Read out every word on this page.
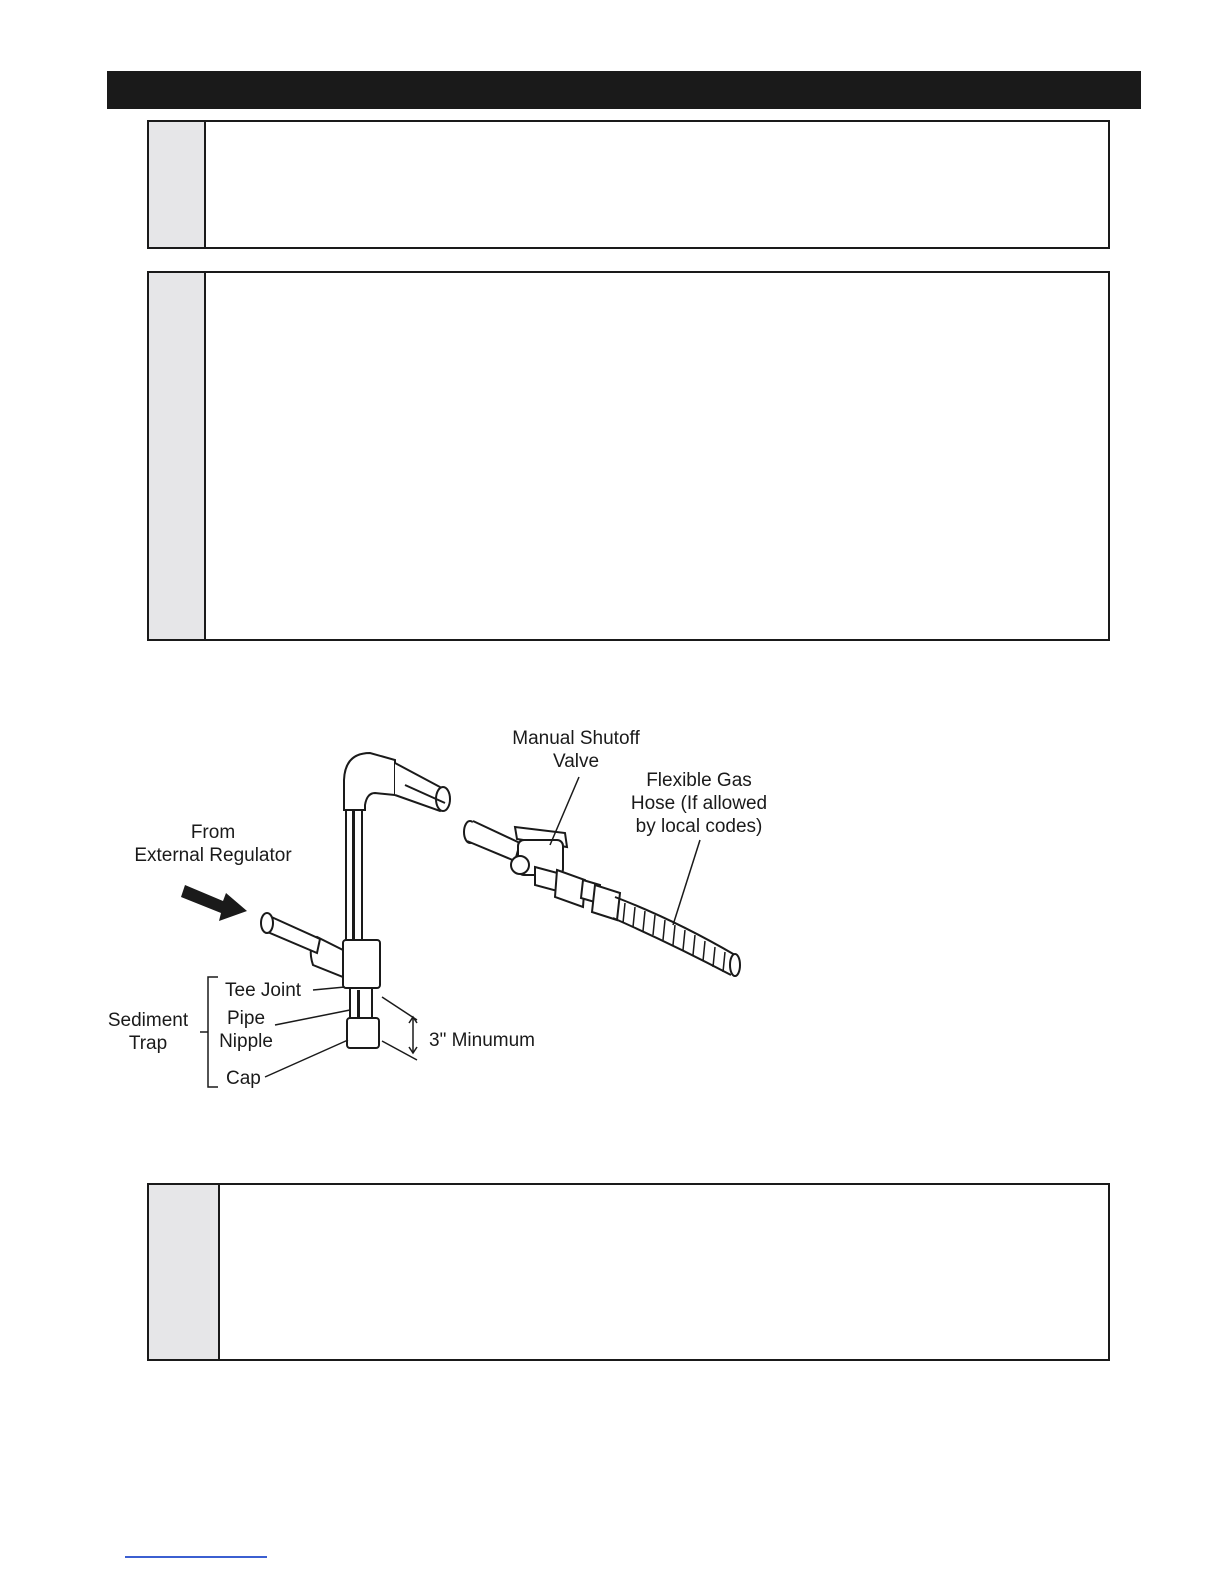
From
External Regulator
Manual Shutoff
Valve
Flexible Gas
Hose (If allowed
by local codes)
Tee Joint
Pipe
Nipple
Cap
Sediment
Trap	3" Minumum
